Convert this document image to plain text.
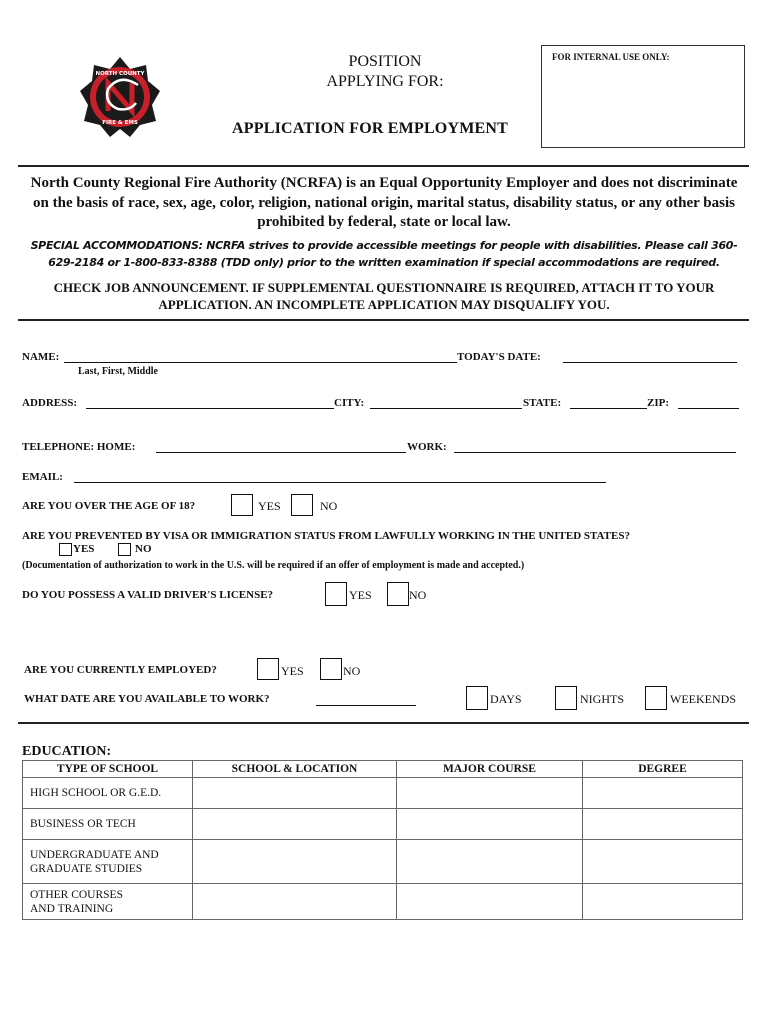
NORTH COUNTY
FIRE & EMS
POSITION
APPLYING FOR:
FOR INTERNAL USE ONLY:
APPLICATION FOR EMPLOYMENT
North County Regional Fire Authority (NCRFA) is an Equal Opportunity Employer and does not discriminate on the basis of race, sex, age, color, religion, national origin, marital status, disability status, or any other basis prohibited by federal, state or local law.
SPECIAL ACCOMMODATIONS: NCRFA strives to provide accessible meetings for people with disabilities. Please call 360-629-2184 or 1-800-833-8388 (TDD only) prior to the written examination if special accommodations are required.
CHECK JOB ANNOUNCEMENT. IF SUPPLEMENTAL QUESTIONNAIRE IS REQUIRED, ATTACH IT TO YOUR APPLICATION. AN INCOMPLETE APPLICATION MAY DISQUALIFY YOU.
NAME:
Last, First, Middle
TODAY'S DATE:
ADDRESS:	CITY:	STATE:	ZIP:
TELEPHONE: HOME:	WORK:
EMAIL:
ARE YOU OVER THE AGE OF 18?	YES	NO
ARE YOU PREVENTED BY VISA OR IMMIGRATION STATUS FROM LAWFULLY WORKING IN THE UNITED STATES?
YES	NO
(Documentation of authorization to work in the U.S. will be required if an offer of employment is made and accepted.)
DO YOU POSSESS A VALID DRIVER'S LICENSE?	YES	NO
ARE YOU CURRENTLY EMPLOYED?	YES	NO
WHAT DATE ARE YOU AVAILABLE TO WORK?	DAYS	NIGHTS	WEEKENDS
EDUCATION:
TYPE OF SCHOOL	SCHOOL & LOCATION	MAJOR COURSE	DEGREE
HIGH SCHOOL OR G.E.D.			
BUSINESS OR TECH			
UNDERGRADUATE AND
GRADUATE STUDIES			
OTHER COURSES
AND TRAINING			
